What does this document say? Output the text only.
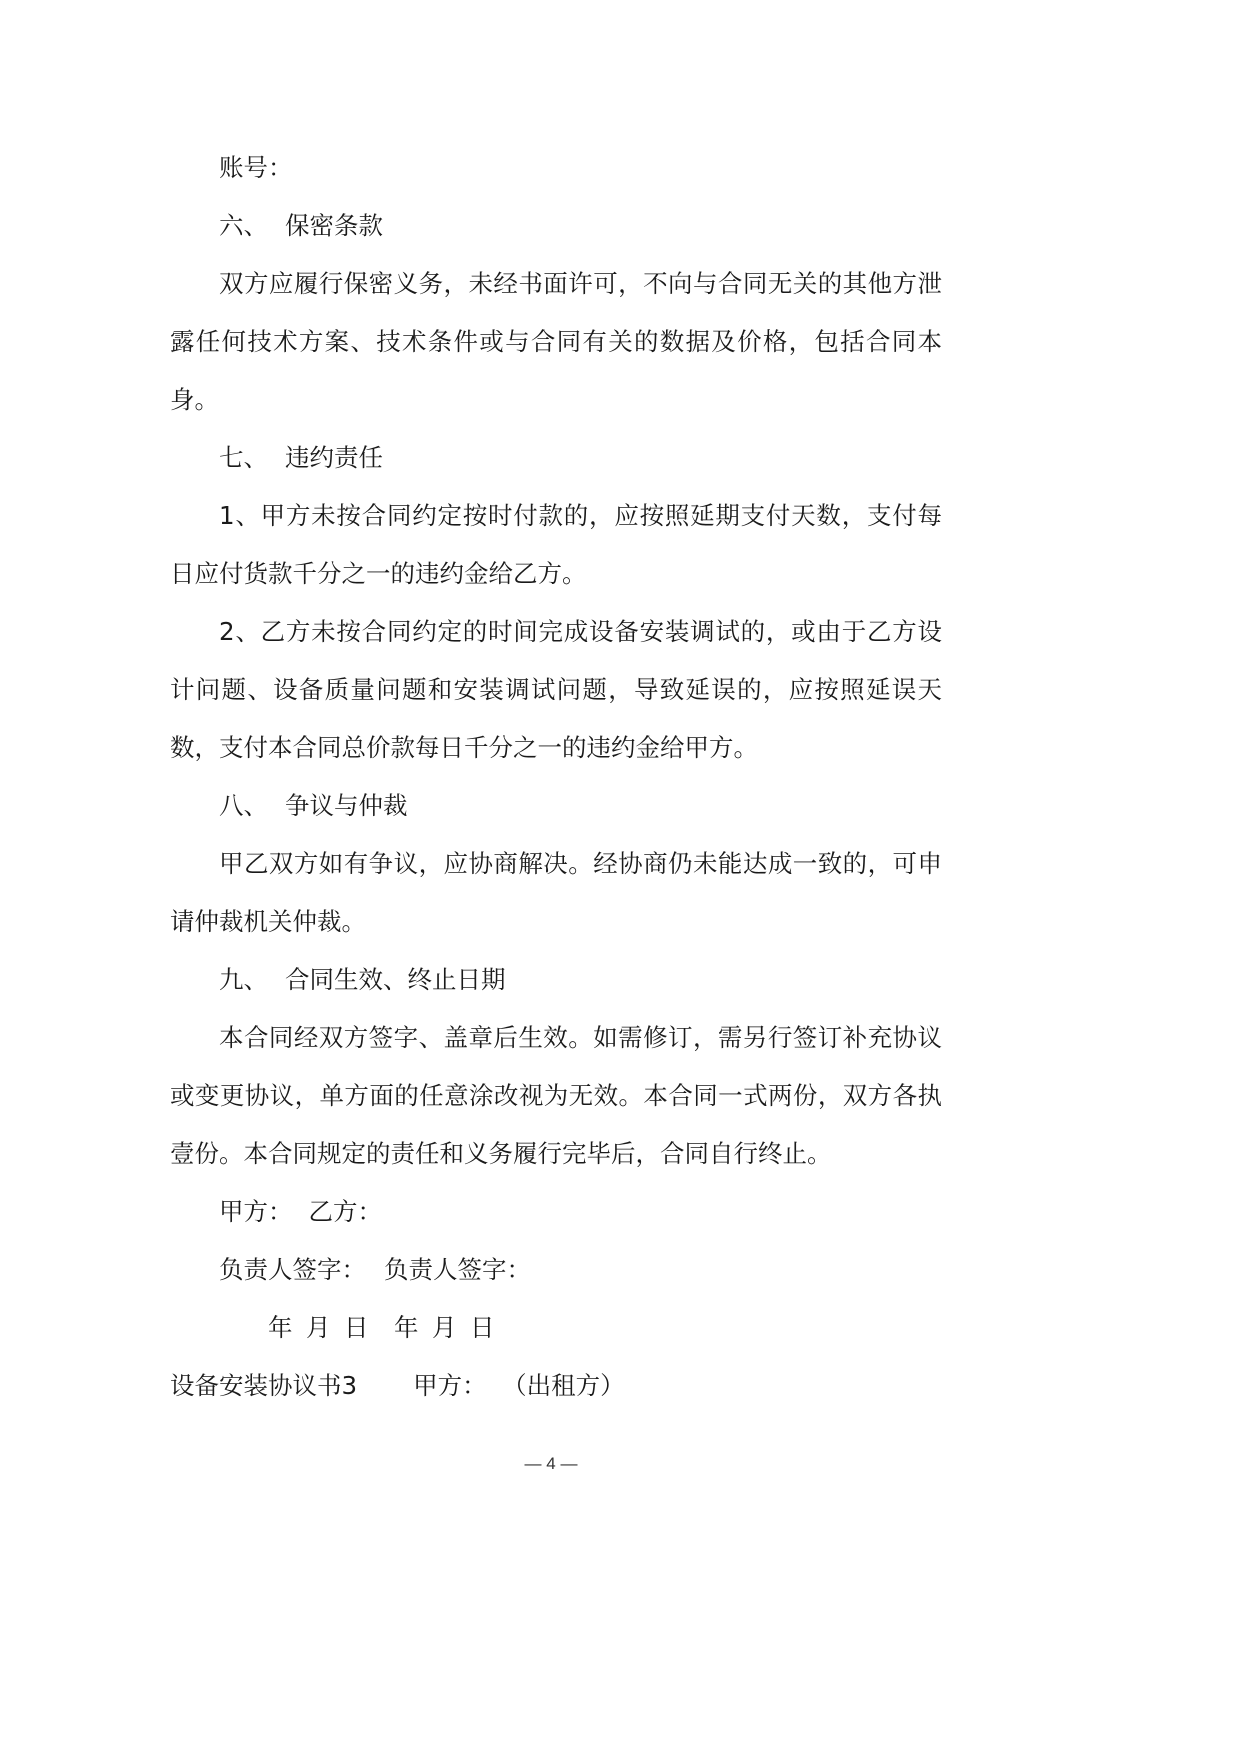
账号：

六、 保密条款

双方应履行保密义务，未经书面许可，不向与合同无关的其他方泄露任何技术方案、技术条件或与合同有关的数据及价格，包括合同本身。

七、 违约责任

1、甲方未按合同约定按时付款的，应按照延期支付天数，支付每日应付货款千分之一的违约金给乙方。

2、乙方未按合同约定的时间完成设备安装调试的，或由于乙方设计问题、设备质量问题和安装调试问题，导致延误的，应按照延误天数，支付本合同总价款每日千分之一的违约金给甲方。

八、 争议与仲裁

甲乙双方如有争议，应协商解决。经协商仍未能达成一致的，可申请仲裁机关仲裁。

九、 合同生效、终止日期

本合同经双方签字、盖章后生效。如需修订，需另行签订补充协议或变更协议，单方面的任意涂改视为无效。本合同一式两份，双方各执壹份。本合同规定的责任和义务履行完毕后，合同自行终止。

甲方： 乙方：

负责人签字： 负责人签字：

年 月 日 年 月 日

设备安装协议书3 甲方： （出租方）

— 4 —
